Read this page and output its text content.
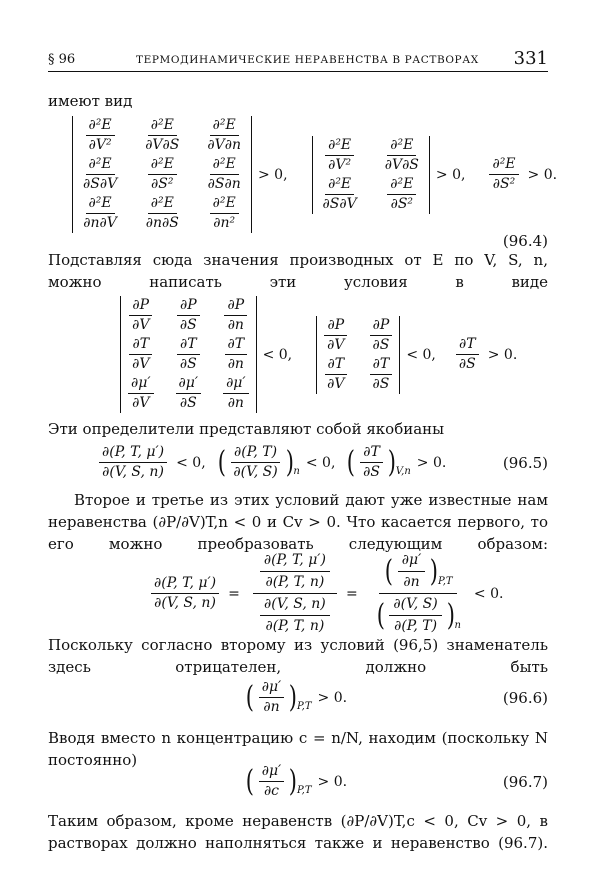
§ 96	ТЕРМОДИНАМИЧЕСКИЕ НЕРАВЕНСТВА В РАСТВОРАХ 331
имеют вид
$\frac{\text{∂²E}}{\text{∂V²}} \frac{\text{∂²E}}{\partial V\partial S} \frac{\text{∂²E}}{\partial V\partial n}$
$\frac{\text{∂²E}}{\partial S\partial V} \frac{\text{∂²E}}{\text{∂S²}} \frac{\text{∂²E}}{\partial S\partial n}$
$\frac{\text{∂²E}}{\partial n\partial V} \frac{\text{∂²E}}{\partial n\partial S} \frac{\text{∂²E}}{\text{∂n²}}$
> 0,
$\frac{\text{∂²E}}{\text{∂V²}} \frac{\text{∂²E}}{\partial V\partial S}$
$\frac{\text{∂²E}}{\partial S\partial V} \frac{\text{∂²E}}{\text{∂S²}}$
> 0, $\frac{\text{∂²E}}{\text{∂S²}} > 0$.
(96.4)
Подставляя сюда значения производных от E по V, S, n, можно написать эти условия в виде
$\frac{\partial P}{\partial V} \frac{\partial P}{\partial S} \frac{\partial P}{\partial n}$
$\frac{\partial T}{\partial V} \frac{\partial T}{\partial S} \frac{\partial T}{\partial n}$
$\frac{\partial\mu'}{\partial V} \frac{\partial\mu'}{\partial S} \frac{\partial\mu'}{\partial n}$
< 0,
$\frac{\partial P}{\partial V} \frac{\partial P}{\partial S}$
$\frac{\partial T}{\partial V} \frac{\partial T}{\partial S}$
< 0, $\frac{\partial T}{\partial S} > 0$.
Эти определители представляют собой якобианы
$\frac{\partial(P, T, \mu')}{\partial(V, S, n)} < 0$, ( $\frac{\partial(P, T)}{\partial(V, S)}$ ) n
< 0, ( $\frac{\partial T}{\partial S}$ ) V,n
> 0.	(96.5)
Второе и третье из этих условий дают уже известные нам неравенства (∂P/∂V)T,n < 0 и Cv > 0. Что касается первого, то его можно преобразовать следующим образом:
$\frac{\partial(P, T, \mu')}{\partial(V, S, n)} = \frac{\frac{\partial(P, T, \mu')}{\partial(P, T, n)}}{\frac{\partial(V, S, n)}{\partial(P, T, n)}}$ =
( $\frac{\partial\mu'}{\partial n}$ ) P,T
( $\frac{\partial(V, S)}{\partial(P, T)}$ ) n
< 0.
Поскольку согласно второму из условий (96,5) знаменатель здесь отрицателен, должно быть
( $\frac{\partial\mu'}{\partial n}$ ) P,T
> 0.	(96.6)
Вводя вместо n концентрацию c = n/N, находим (поскольку N постоянно)
( $\frac{\partial\mu'}{\partial c}$ ) P,T
> 0.	(96.7)
Таким образом, кроме неравенств (∂P/∂V)T,c < 0, Cv > 0, в растворах должно наполняться также и неравенство (96.7).
